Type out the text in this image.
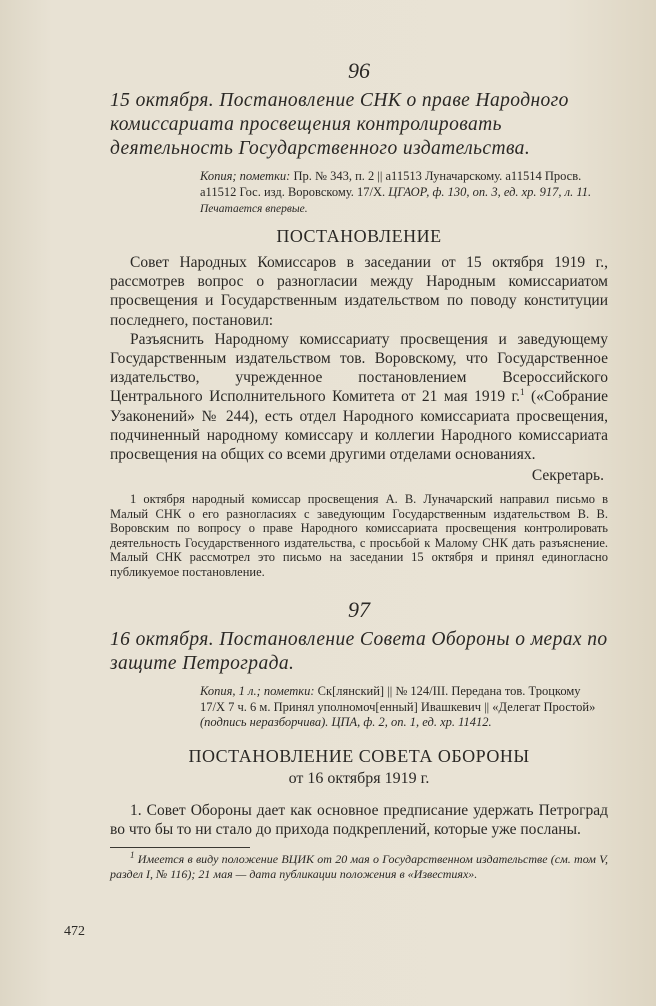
96
15 октября. Постановление СНК о праве Народного комиссариата просвещения контролировать деятельность Государственного издательства.
Копия; пометки: Пр. № 343, п. 2 || а11513 Луначарскому. а11514 Просв. а11512 Гос. изд. Воровскому. 17/X. ЦГАОР, ф. 130, оп. 3, ед. хр. 917, л. 11.
Печатается впервые.
ПОСТАНОВЛЕНИЕ

Совет Народных Комиссаров в заседании от 15 октября 1919 г., рассмотрев вопрос о разногласии между Народным комиссариатом просвещения и Государственным издательством по поводу конституции последнего, постановил:

Разъяснить Народному комиссариату просвещения и заведующему Государственным издательством тов. Воровскому, что Государственное издательство, учрежденное постановлением Всероссийского Центрального Исполнительного Комитета от 21 мая 1919 г.$^1$ («Собрание Узаконений» № 244), есть отдел Народного комиссариата просвещения, подчиненный народному комиссару и коллегии Народного комиссариата просвещения на общих со всеми другими отделами основаниях.

Секретарь.

1 октября народный комиссар просвещения А. В. Луначарский направил письмо в Малый СНК о его разногласиях с заведующим Государственным издательством В. В. Воровским по вопросу о праве Народного комиссариата просвещения контролировать деятельность Государственного издательства, с просьбой к Малому СНК дать разъяснение. Малый СНК рассмотрел это письмо на заседании 15 октября и принял единогласно публикуемое постановление.

97
16 октября. Постановление Совета Обороны о мерах по защите Петрограда.
Копия, 1 л.; пометки: Ск[лянский] || № 124/III. Передана тов. Троцкому 17/X 7 ч. 6 м. Принял уполномоч[енный] Ивашкевич || «Делегат Простой» (подпись неразборчива). ЦПА, ф. 2, оп. 1, ед. хр. 11412.
ПОСТАНОВЛЕНИЕ СОВЕТА ОБОРОНЫ
от 16 октября 1919 г.

1. Совет Обороны дает как основное предписание удержать Петроград во что бы то ни стало до прихода подкреплений, которые уже посланы.

$^1$ Имеется в виду положение ВЦИК от 20 мая о Государственном издательстве (см. том V, раздел I, № 116); 21 мая — дата публикации положения в «Известиях».

472
